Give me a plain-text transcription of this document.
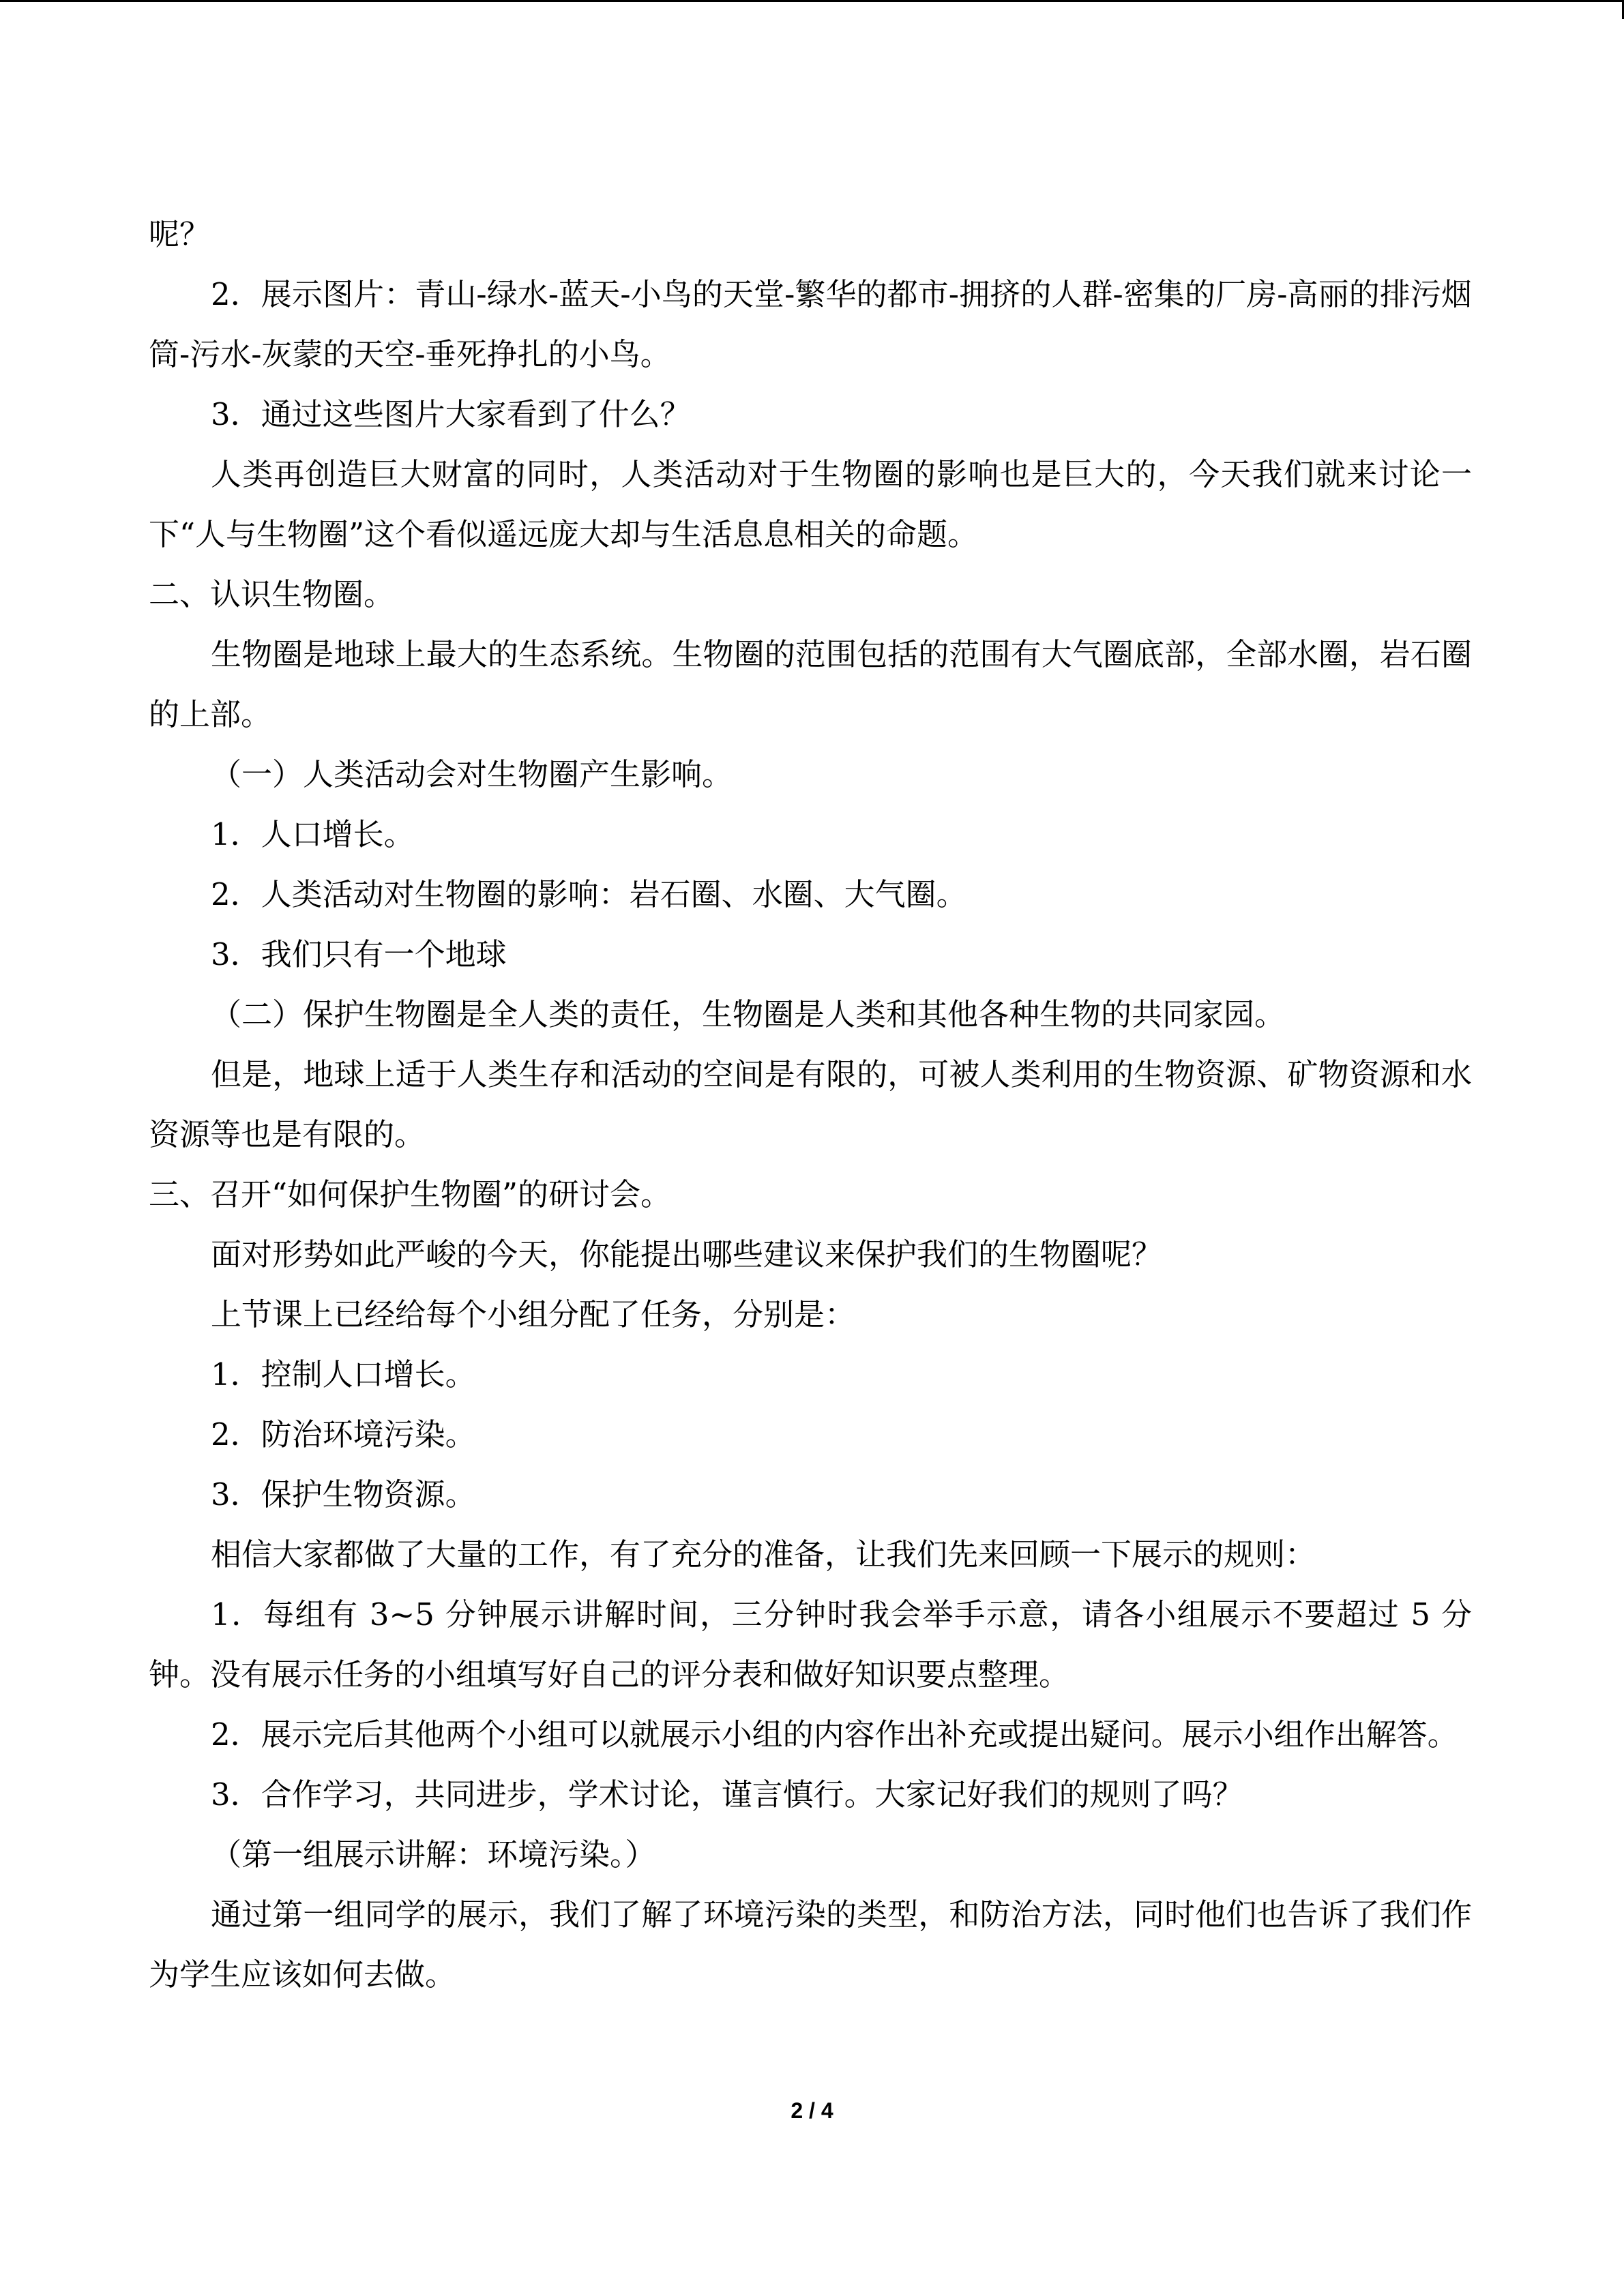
呢？

2．展示图片：青山-绿水-蓝天-小鸟的天堂-繁华的都市-拥挤的人群-密集的厂房-高丽的排污烟筒-污水-灰蒙的天空-垂死挣扎的小鸟。

3．通过这些图片大家看到了什么？

人类再创造巨大财富的同时，人类活动对于生物圈的影响也是巨大的，今天我们就来讨论一下“人与生物圈”这个看似遥远庞大却与生活息息相关的命题。

二、认识生物圈。

生物圈是地球上最大的生态系统。生物圈的范围包括的范围有大气圈底部，全部水圈，岩石圈的上部。

（一）人类活动会对生物圈产生影响。

1．人口增长。

2．人类活动对生物圈的影响：岩石圈、水圈、大气圈。

3．我们只有一个地球

（二）保护生物圈是全人类的责任，生物圈是人类和其他各种生物的共同家园。

但是，地球上适于人类生存和活动的空间是有限的，可被人类利用的生物资源、矿物资源和水资源等也是有限的。

三、召开“如何保护生物圈”的研讨会。

面对形势如此严峻的今天，你能提出哪些建议来保护我们的生物圈呢？

上节课上已经给每个小组分配了任务，分别是：

1．控制人口增长。

2．防治环境污染。

3．保护生物资源。

相信大家都做了大量的工作，有了充分的准备，让我们先来回顾一下展示的规则：

1．每组有 3~5 分钟展示讲解时间，三分钟时我会举手示意，请各小组展示不要超过 5 分钟。没有展示任务的小组填写好自己的评分表和做好知识要点整理。

2．展示完后其他两个小组可以就展示小组的内容作出补充或提出疑问。展示小组作出解答。

3．合作学习，共同进步，学术讨论，谨言慎行。大家记好我们的规则了吗？

（第一组展示讲解：环境污染。）

通过第一组同学的展示，我们了解了环境污染的类型，和防治方法，同时他们也告诉了我们作为学生应该如何去做。

2 / 4
